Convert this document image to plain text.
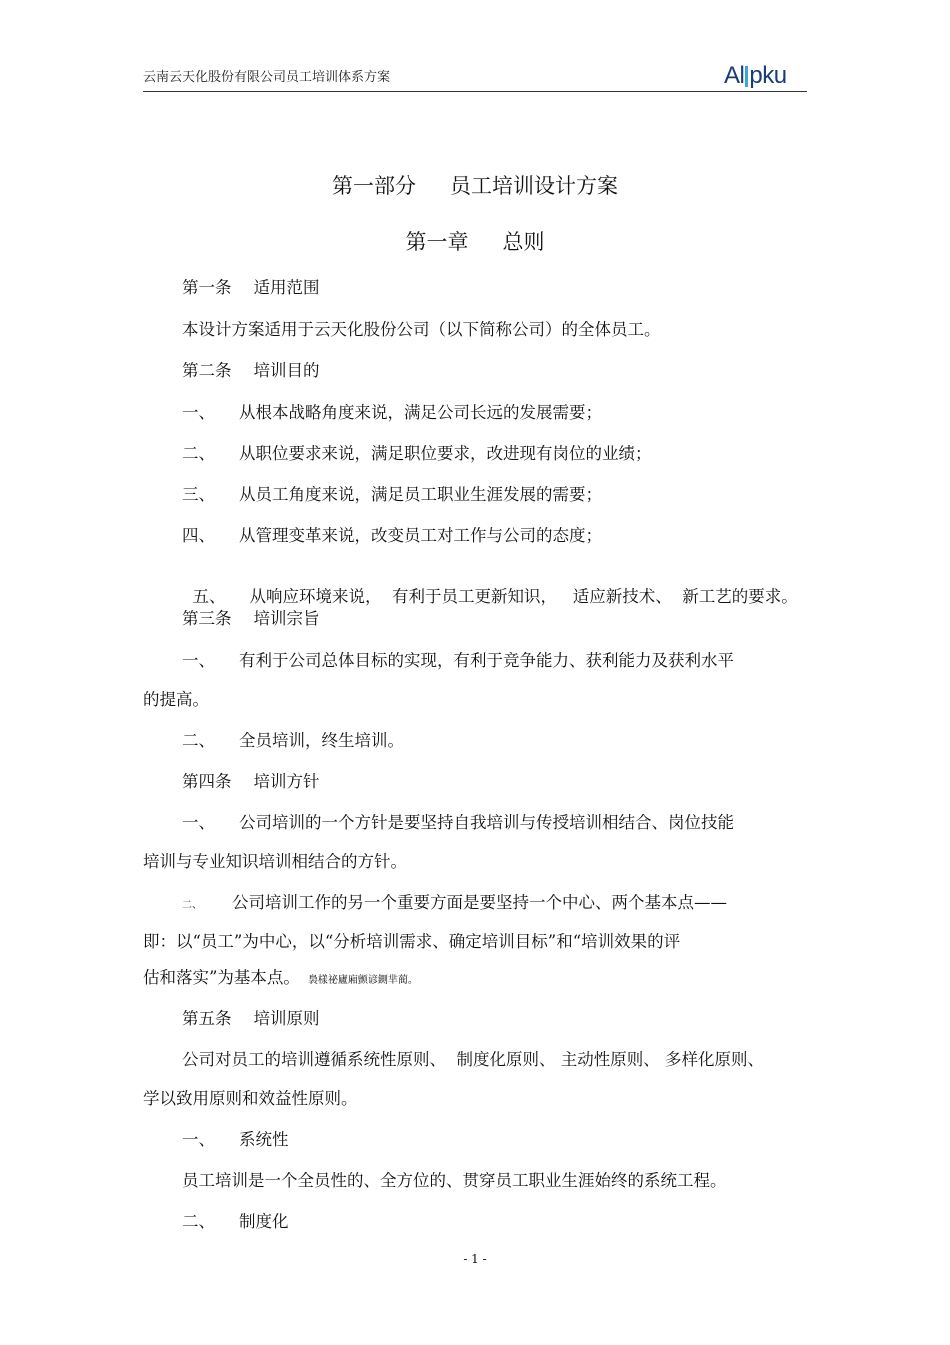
云南云天化股份有限公司员工培训体系方案	Al pku
第一部分 员工培训设计方案
第一章 总则
第一条 适用范围
本设计方案适用于云天化股份公司（以下简称公司）的全体员工。
第二条 培训目的
一、 从根本战略角度来说，满足公司长远的发展需要；
二、 从职位要求来说，满足职位要求，改进现有岗位的业绩；
三、 从员工角度来说，满足员工职业生涯发展的需要；
四、 从管理变革来说，改变员工对工作与公司的态度；

五、 从响应环境来说，  有利于员工更新知识，   适应新技术、  新工艺的要求。

第三条 培训宗旨
一、 有利于公司总体目标的实现，有利于竞争能力、获利能力及获利水平
的提高。
二、 全员培训，终生培训。
第四条 培训方针
一、 公司培训的一个方针是要坚持自我培训与传授培训相结合、岗位技能
培训与专业知识培训相结合的方针。
二、 公司培训工作的另一个重要方面是要坚持一个中心、两个基本点——
即：以“员工”为中心，以“分析培训需求、确定培训目标”和“培训效果的评
估和落实”为基本点。 裊樣祕廬廂颤谚鍘芈蔺。
第五条 培训原则
公司对员工的培训遵循系统性原则、  制度化原则、 主动性原则、 多样化原则、
学以致用原则和效益性原则。
一、 系统性
员工培训是一个全员性的、全方位的、贯穿员工职业生涯始终的系统工程。
二、 制度化
- 1 -
